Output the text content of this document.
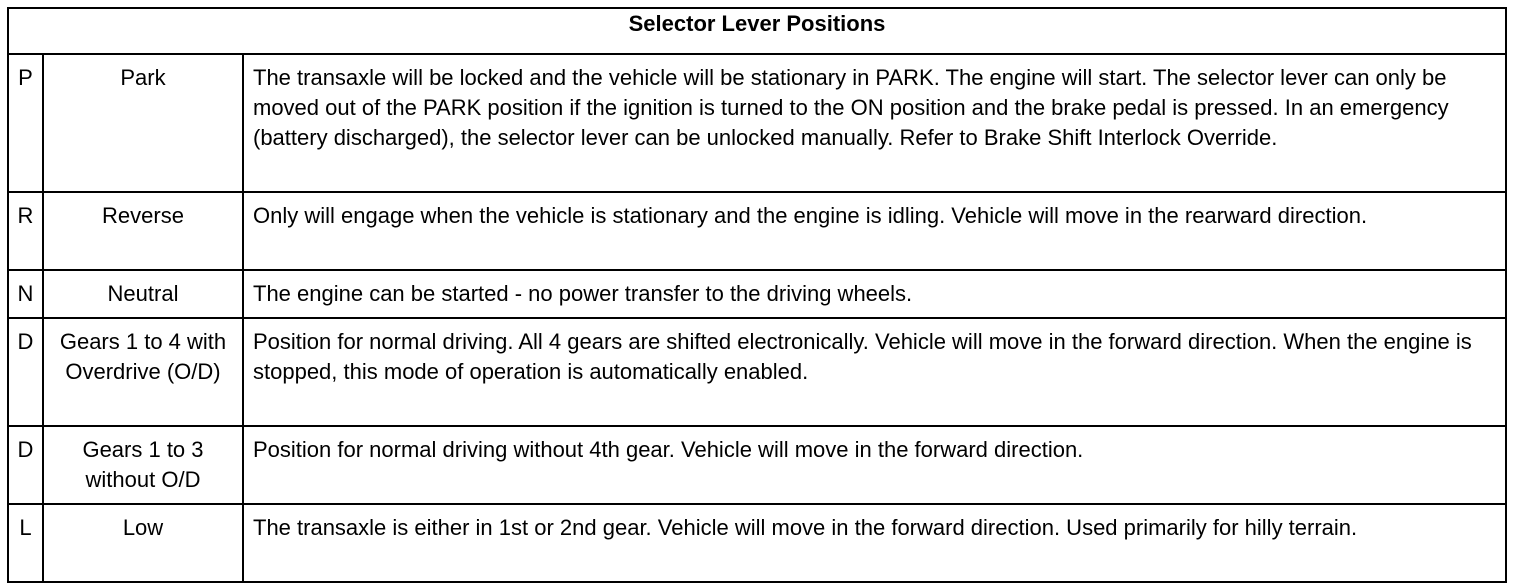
Selector Lever Positions		
P	Park	The transaxle will be locked and the vehicle will be stationary in PARK. The engine will start. The selector lever can only be moved out of the PARK position if the ignition is turned to the ON position and the brake pedal is pressed. In an emergency (battery discharged), the selector lever can be unlocked manually. Refer to Brake Shift Interlock Override.
R	Reverse	Only will engage when the vehicle is stationary and the engine is idling. Vehicle will move in the rearward direction.
N	Neutral	The engine can be started - no power transfer to the driving wheels.
D	Gears 1 to 4 with Overdrive (O/D)	Position for normal driving. All 4 gears are shifted electronically. Vehicle will move in the forward direction. When the engine is stopped, this mode of operation is automatically enabled.
D	Gears 1 to 3 without O/D	Position for normal driving without 4th gear. Vehicle will move in the forward direction.
L	Low	The transaxle is either in 1st or 2nd gear. Vehicle will move in the forward direction. Used primarily for hilly terrain.
